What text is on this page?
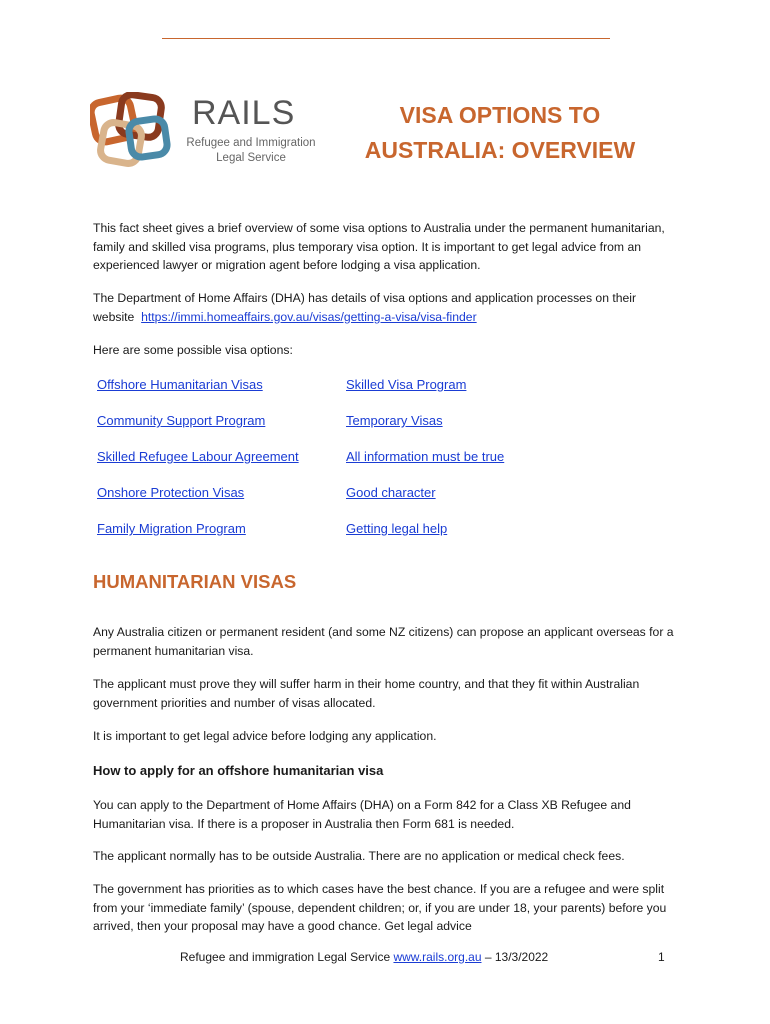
RAILS
Refugee and Immigration
Legal Service
VISA OPTIONS TO
AUSTRALIA: OVERVIEW
This fact sheet gives a brief overview of some visa options to Australia under the permanent humanitarian, family and skilled visa programs, plus temporary visa option. It is important to get legal advice from an experienced lawyer or migration agent before lodging a visa application.
The Department of Home Affairs (DHA) has details of visa options and application processes on their website https://immi.homeaffairs.gov.au/visas/getting-a-visa/visa-finder
Here are some possible visa options:
Offshore Humanitarian Visas
Community Support Program
Skilled Refugee Labour Agreement
Onshore Protection Visas
Family Migration Program
Skilled Visa Program
Temporary Visas
All information must be true
Good character
Getting legal help
HUMANITARIAN VISAS
Any Australia citizen or permanent resident (and some NZ citizens) can propose an applicant overseas for a permanent humanitarian visa.
The applicant must prove they will suffer harm in their home country, and that they fit within Australian government priorities and number of visas allocated.
It is important to get legal advice before lodging any application.
How to apply for an offshore humanitarian visa
You can apply to the Department of Home Affairs (DHA) on a Form 842 for a Class XB Refugee and Humanitarian visa. If there is a proposer in Australia then Form 681 is needed.
The applicant normally has to be outside Australia. There are no application or medical check fees.
The government has priorities as to which cases have the best chance. If you are a refugee and were split from your ‘immediate family’ (spouse, dependent children; or, if you are under 18, your parents) before you arrived, then your proposal may have a good chance. Get legal advice
Refugee and immigration Legal Service www.rails.org.au – 13/3/2022	1
